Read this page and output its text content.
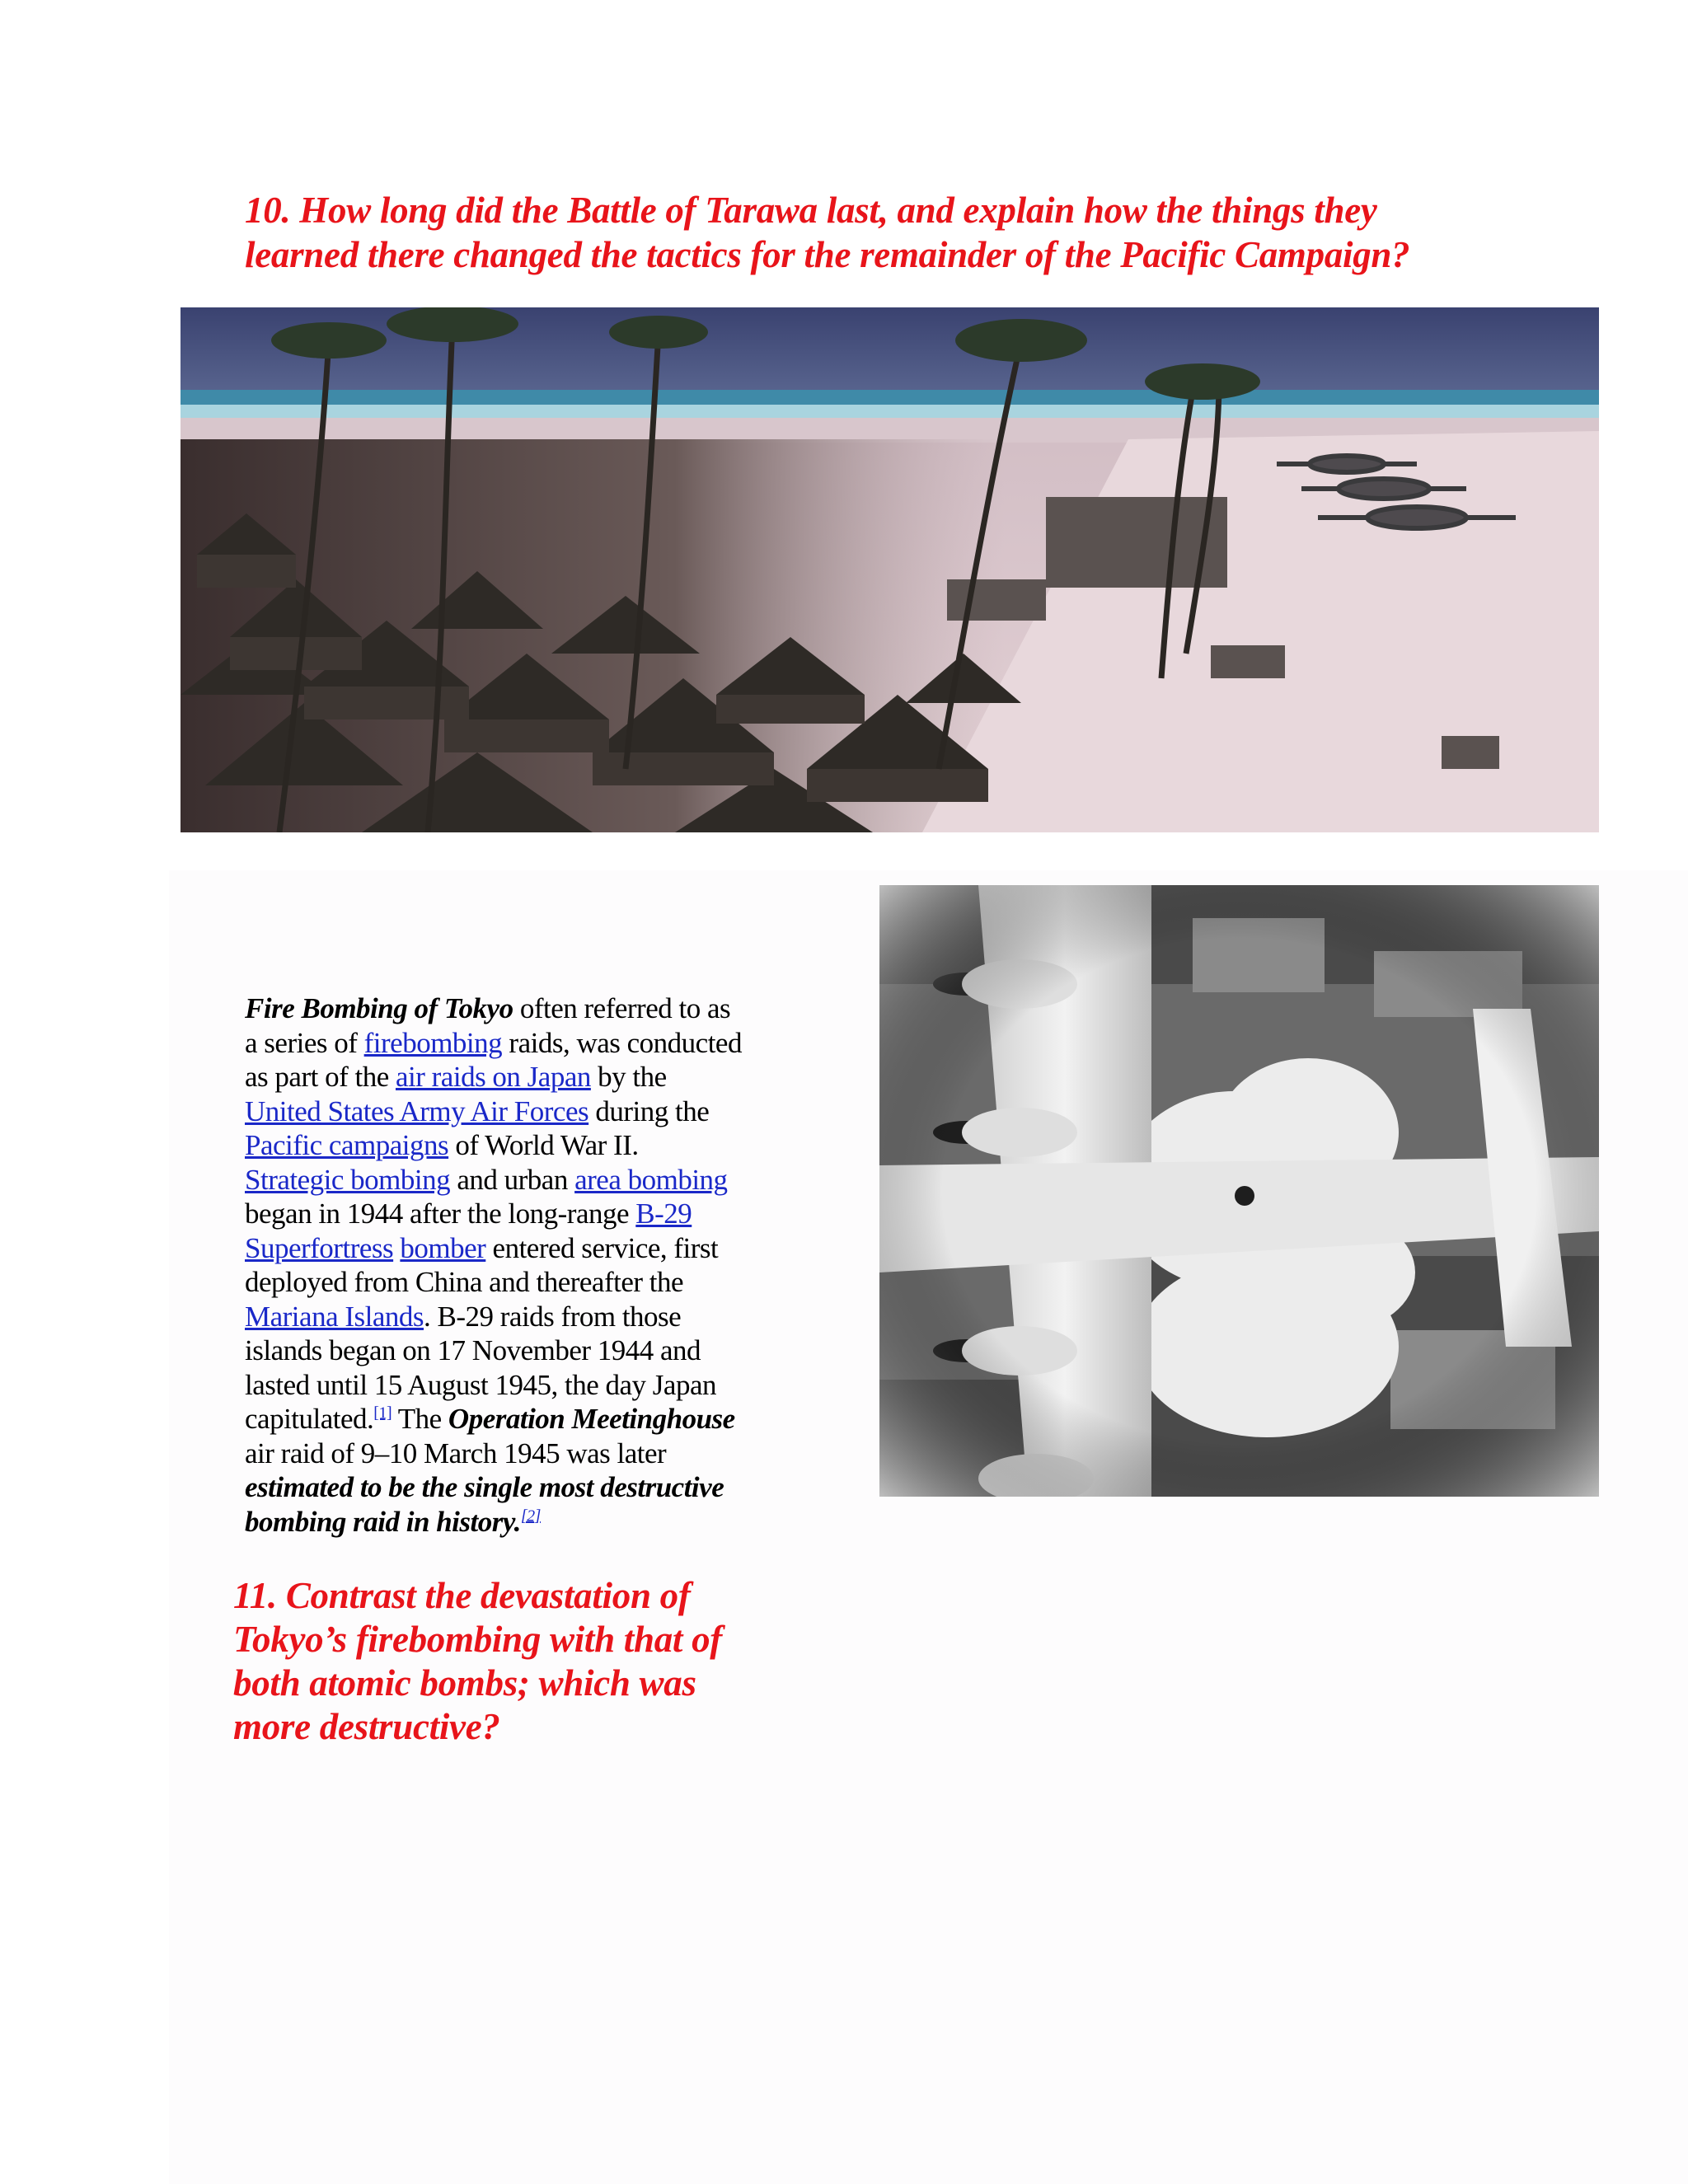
10. How long did the Battle of Tarawa last, and explain how the things they
learned there changed the tactics for the remainder of the Pacific Campaign?
Fire Bombing of Tokyo often referred to as
a series of firebombing raids, was conducted
as part of the air raids on Japan by the
United States Army Air Forces during the
Pacific campaigns of World War II.
Strategic bombing and urban area bombing
began in 1944 after the long-range B-29
Superfortress bomber entered service, first
deployed from China and thereafter the
Mariana Islands. B-29 raids from those
islands began on 17 November 1944 and
lasted until 15 August 1945, the day Japan
capitulated.[1] The Operation Meetinghouse
air raid of 9–10 March 1945 was later
estimated to be the single most destructive
bombing raid in history.[2]
11. Contrast the devastation of
Tokyo’s firebombing with that of
both atomic bombs; which was
more destructive?
